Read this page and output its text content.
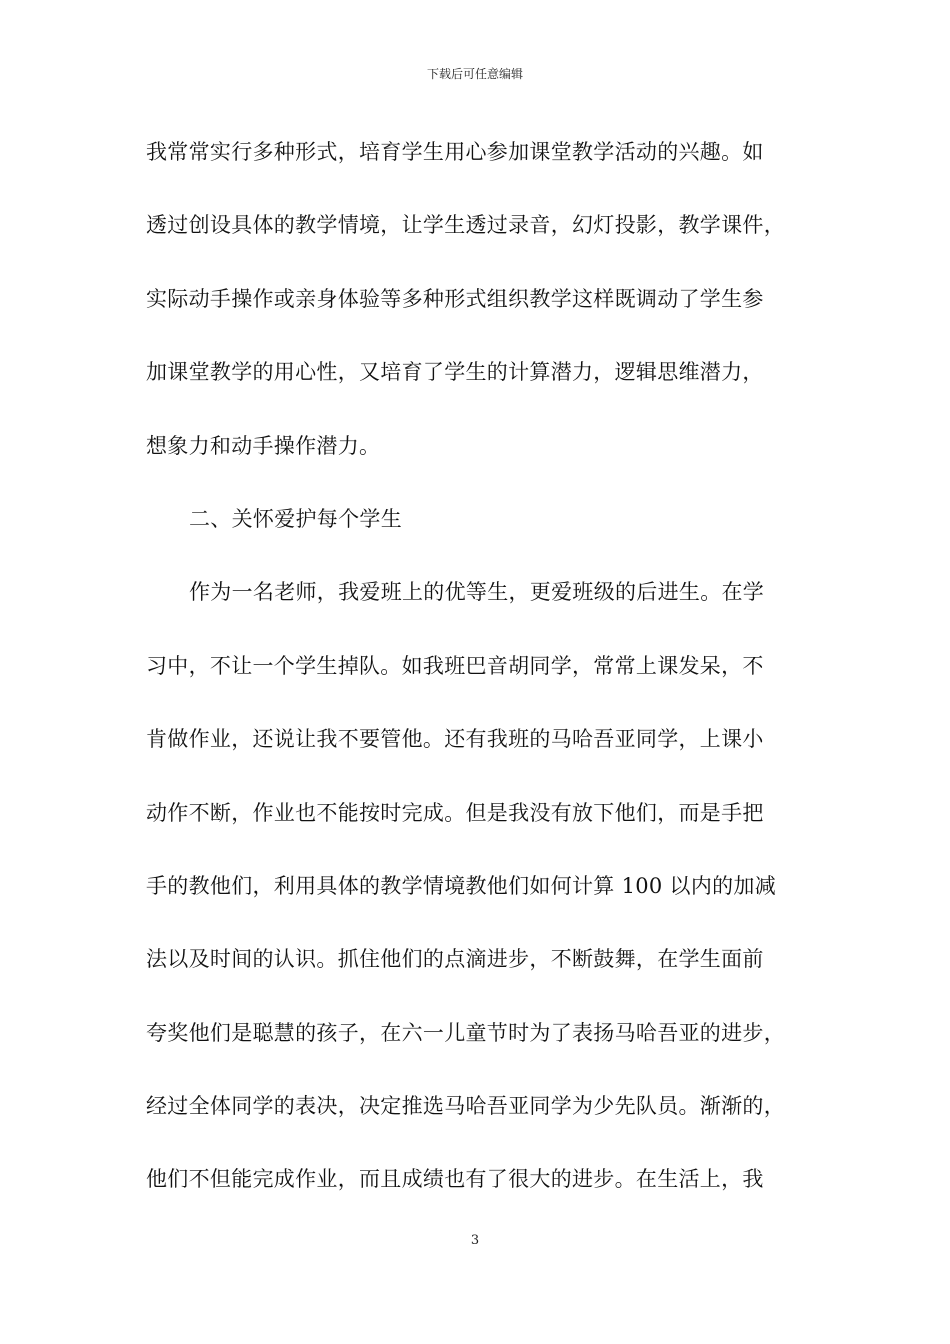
下载后可任意编辑
我常常实行多种形式，培育学生用心参加课堂教学活动的兴趣。如
透过创设具体的教学情境，让学生透过录音，幻灯投影，教学课件，
实际动手操作或亲身体验等多种形式组织教学这样既调动了学生参
加课堂教学的用心性，又培育了学生的计算潜力，逻辑思维潜力，
想象力和动手操作潜力。
二、关怀爱护每个学生
作为一名老师，我爱班上的优等生，更爱班级的后进生。在学
习中，不让一个学生掉队。如我班巴音胡同学，常常上课发呆，不
肯做作业，还说让我不要管他。还有我班的马哈吾亚同学，上课小
动作不断，作业也不能按时完成。但是我没有放下他们，而是手把
手的教他们，利用具体的教学情境教他们如何计算 100 以内的加减
法以及时间的认识。抓住他们的点滴进步，不断鼓舞，在学生面前
夸奖他们是聪慧的孩子，在六一儿童节时为了表扬马哈吾亚的进步，
经过全体同学的表决，决定推选马哈吾亚同学为少先队员。渐渐的，
他们不但能完成作业，而且成绩也有了很大的进步。在生活上，我
3
